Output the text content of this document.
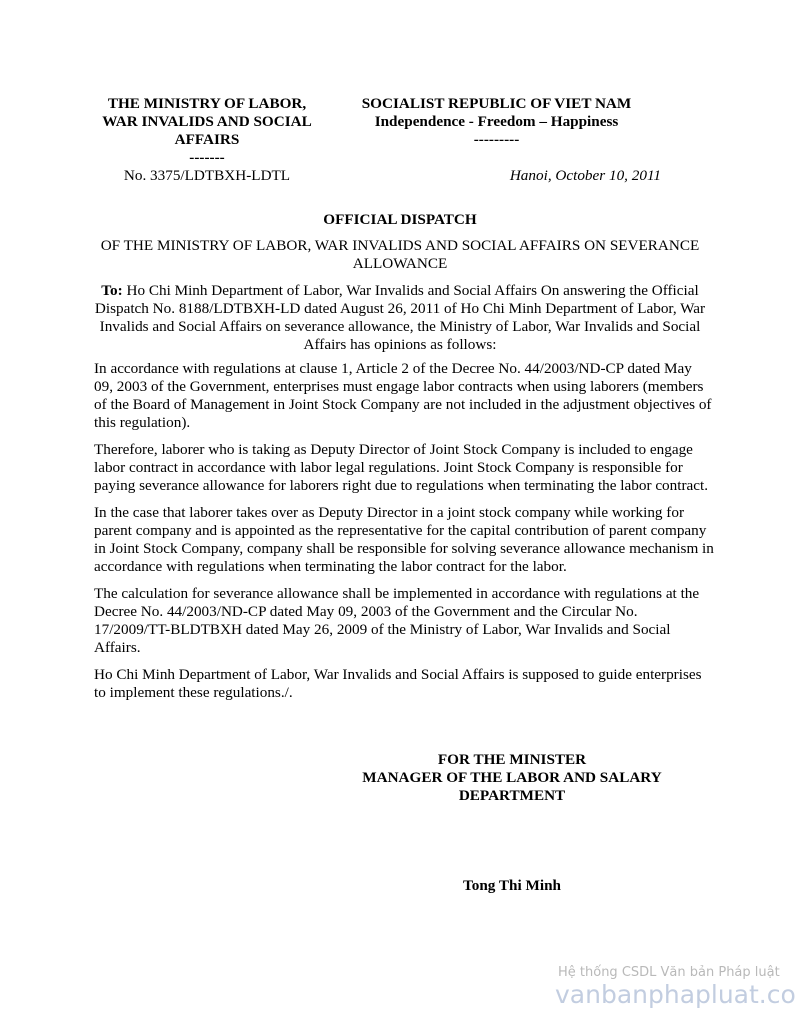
THE MINISTRY OF LABOR,
WAR INVALIDS AND SOCIAL
AFFAIRS
-------
SOCIALIST REPUBLIC OF VIET NAM
Independence - Freedom – Happiness
---------
No. 3375/LDTBXH-LDTL	Hanoi, October 10, 2011
OFFICIAL DISPATCH
OF THE MINISTRY OF LABOR, WAR INVALIDS AND SOCIAL AFFAIRS ON SEVERANCE ALLOWANCE
To: Ho Chi Minh Department of Labor, War Invalids and Social Affairs On answering the Official Dispatch No. 8188/LDTBXH-LD dated August 26, 2011 of Ho Chi Minh Department of Labor, War Invalids and Social Affairs on severance allowance, the Ministry of Labor, War Invalids and Social Affairs has opinions as follows:

In accordance with regulations at clause 1, Article 2 of the Decree No. 44/2003/ND-CP dated May 09, 2003 of the Government, enterprises must engage labor contracts when using laborers (members of the Board of Management in Joint Stock Company are not included in the adjustment objectives of this regulation).

Therefore, laborer who is taking as Deputy Director of Joint Stock Company is included to engage labor contract in accordance with labor legal regulations. Joint Stock Company is responsible for paying severance allowance for laborers right due to regulations when terminating the labor contract.

In the case that laborer takes over as Deputy Director in a joint stock company while working for parent company and is appointed as the representative for the capital contribution of parent company in Joint Stock Company, company shall be responsible for solving severance allowance mechanism in accordance with regulations when terminating the labor contract for the labor.

The calculation for severance allowance shall be implemented in accordance with regulations at the Decree No. 44/2003/ND-CP dated May 09, 2003 of the Government and the Circular No. 17/2009/TT-BLDTBXH dated May 26, 2009 of the Ministry of Labor, War Invalids and Social Affairs.

Ho Chi Minh Department of Labor, War Invalids and Social Affairs is supposed to guide enterprises to implement these regulations./.

FOR THE MINISTER
MANAGER OF THE LABOR AND SALARY
DEPARTMENT
Tong Thi Minh
Hệ thống CSDL Văn bản Pháp luật
vanbanphapluat.co
